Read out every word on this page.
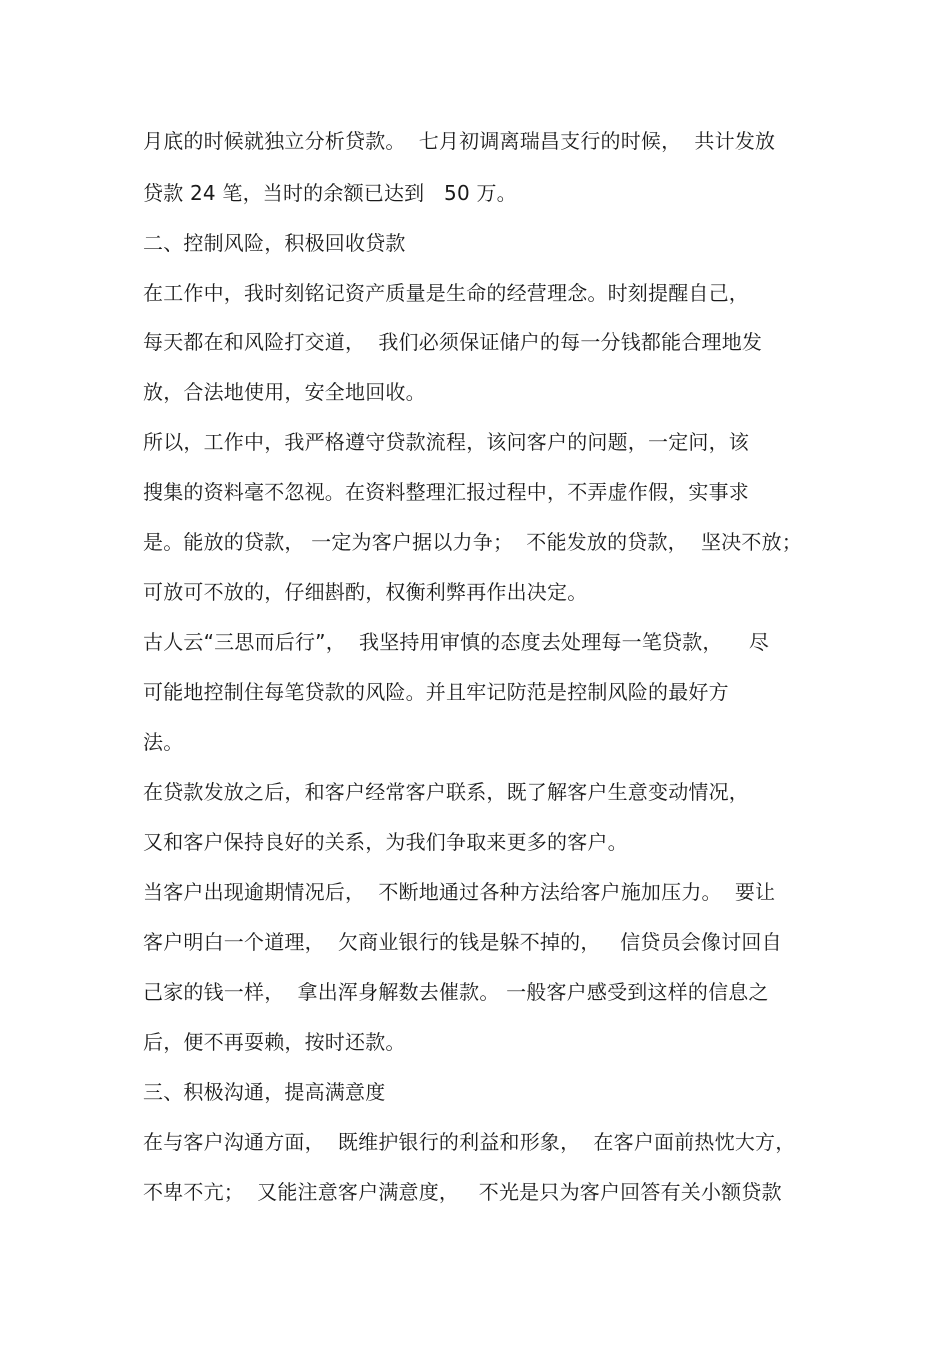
月底的时候就独立分析贷款。  七月初调离瑞昌支行的时候，  共计发放
贷款 24 笔，当时的余额已达到   50 万。
二、控制风险，积极回收贷款
在工作中，我时刻铭记资产质量是生命的经营理念。时刻提醒自己，
每天都在和风险打交道，  我们必须保证储户的每一分钱都能合理地发
放，合法地使用，安全地回收。
所以，工作中，我严格遵守贷款流程，该问客户的问题，一定问，该
搜集的资料毫不忽视。在资料整理汇报过程中，不弄虚作假，实事求
是。能放的贷款， 一定为客户据以力争；  不能发放的贷款，  坚决不放；
可放可不放的，仔细斟酌，权衡利弊再作出决定。
古人云“三思而后行”，  我坚持用审慎的态度去处理每一笔贷款，    尽
可能地控制住每笔贷款的风险。并且牢记防范是控制风险的最好方
法。
在贷款发放之后，和客户经常客户联系，既了解客户生意变动情况，
又和客户保持良好的关系，为我们争取来更多的客户。
当客户出现逾期情况后，  不断地通过各种方法给客户施加压力。  要让
客户明白一个道理，  欠商业银行的钱是躲不掉的，   信贷员会像讨回自
己家的钱一样，  拿出浑身解数去催款。 一般客户感受到这样的信息之
后，便不再耍赖，按时还款。
三、积极沟通，提高满意度
在与客户沟通方面，  既维护银行的利益和形象，  在客户面前热忱大方，
不卑不亢；  又能注意客户满意度，   不光是只为客户回答有关小额贷款
